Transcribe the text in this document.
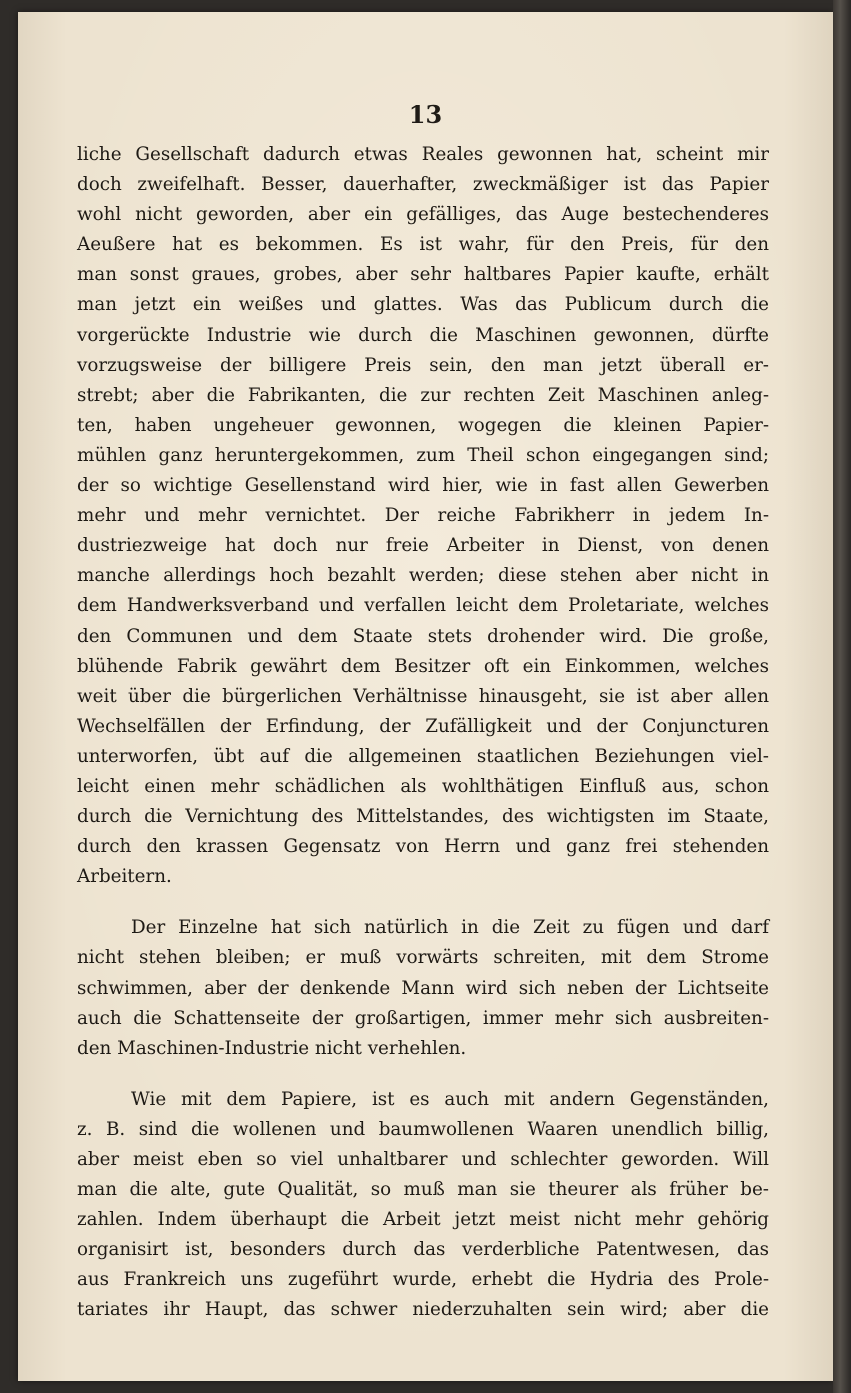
13
liche Gesellschaft dadurch etwas Reales gewonnen hat, scheint mir
doch zweifelhaft. Besser, dauerhafter, zweckmäßiger ist das Papier
wohl nicht geworden, aber ein gefälliges, das Auge bestechenderes
Aeußere hat es bekommen. Es ist wahr, für den Preis, für den
man sonst graues, grobes, aber sehr haltbares Papier kaufte, erhält
man jetzt ein weißes und glattes. Was das Publicum durch die
vorgerückte Industrie wie durch die Maschinen gewonnen, dürfte
vorzugsweise der billigere Preis sein, den man jetzt überall er-
strebt; aber die Fabrikanten, die zur rechten Zeit Maschinen anleg-
ten, haben ungeheuer gewonnen, wogegen die kleinen Papier-
mühlen ganz heruntergekommen, zum Theil schon eingegangen sind;
der so wichtige Gesellenstand wird hier, wie in fast allen Gewerben
mehr und mehr vernichtet. Der reiche Fabrikherr in jedem In-
dustriezweige hat doch nur freie Arbeiter in Dienst, von denen
manche allerdings hoch bezahlt werden; diese stehen aber nicht in
dem Handwerksverband und verfallen leicht dem Proletariate, welches
den Communen und dem Staate stets drohender wird. Die große,
blühende Fabrik gewährt dem Besitzer oft ein Einkommen, welches
weit über die bürgerlichen Verhältnisse hinausgeht, sie ist aber allen
Wechselfällen der Erfindung, der Zufälligkeit und der Conjuncturen
unterworfen, übt auf die allgemeinen staatlichen Beziehungen viel-
leicht einen mehr schädlichen als wohlthätigen Einfluß aus, schon
durch die Vernichtung des Mittelstandes, des wichtigsten im Staate,
durch den krassen Gegensatz von Herrn und ganz frei stehenden
Arbeitern.
Der Einzelne hat sich natürlich in die Zeit zu fügen und darf
nicht stehen bleiben; er muß vorwärts schreiten, mit dem Strome
schwimmen, aber der denkende Mann wird sich neben der Lichtseite
auch die Schattenseite der großartigen, immer mehr sich ausbreiten-
den Maschinen-Industrie nicht verhehlen.
Wie mit dem Papiere, ist es auch mit andern Gegenständen,
z. B. sind die wollenen und baumwollenen Waaren unendlich billig,
aber meist eben so viel unhaltbarer und schlechter geworden. Will
man die alte, gute Qualität, so muß man sie theurer als früher be-
zahlen. Indem überhaupt die Arbeit jetzt meist nicht mehr gehörig
organisirt ist, besonders durch das verderbliche Patentwesen, das
aus Frankreich uns zugeführt wurde, erhebt die Hydria des Prole-
tariates ihr Haupt, das schwer niederzuhalten sein wird; aber die
